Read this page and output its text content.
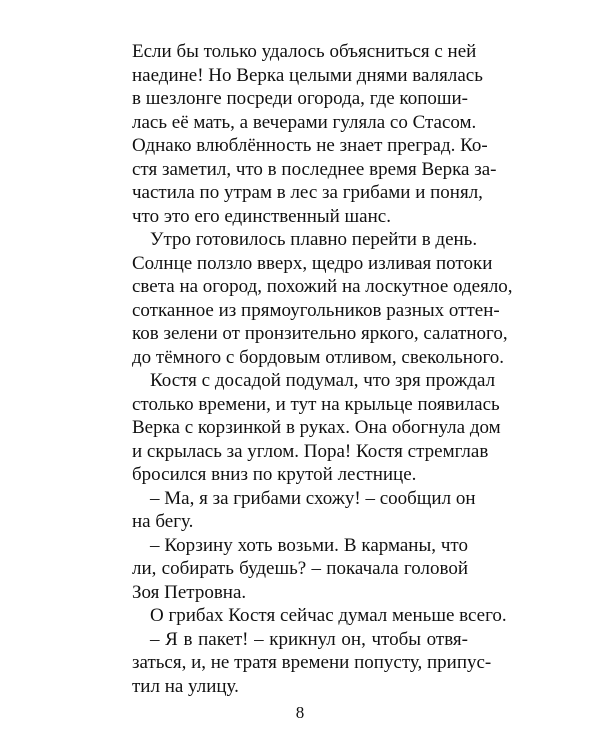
Если бы только удалось объясниться с ней
наедине! Но Верка целыми днями валялась
в шезлонге посреди огорода, где копоши-
лась её мать, а вечерами гуляла со Стасом.
Однако влюблённость не знает преград. Ко-
стя заметил, что в последнее время Верка за-
частила по утрам в лес за грибами и понял,
что это его единственный шанс.
Утро готовилось плавно перейти в день.
Солнце ползло вверх, щедро изливая потоки
света на огород, похожий на лоскутное одеяло,
сотканное из прямоугольников разных оттен-
ков зелени от пронзительно яркого, салатного,
до тёмного с бордовым отливом, свекольного.
Костя с досадой подумал, что зря прождал
столько времени, и тут на крыльце появилась
Верка с корзинкой в руках. Она обогнула дом
и скрылась за углом. Пора! Костя стремглав
бросился вниз по крутой лестнице.
– Ма, я за грибами схожу! – сообщил он
на бегу.
– Корзину хоть возьми. В карманы, что
ли, собирать будешь? – покачала головой
Зоя Петровна.
О грибах Костя сейчас думал меньше всего.
– Я в пакет! – крикнул он, чтобы отвя-
заться, и, не тратя времени попусту, припус-
тил на улицу.
8
